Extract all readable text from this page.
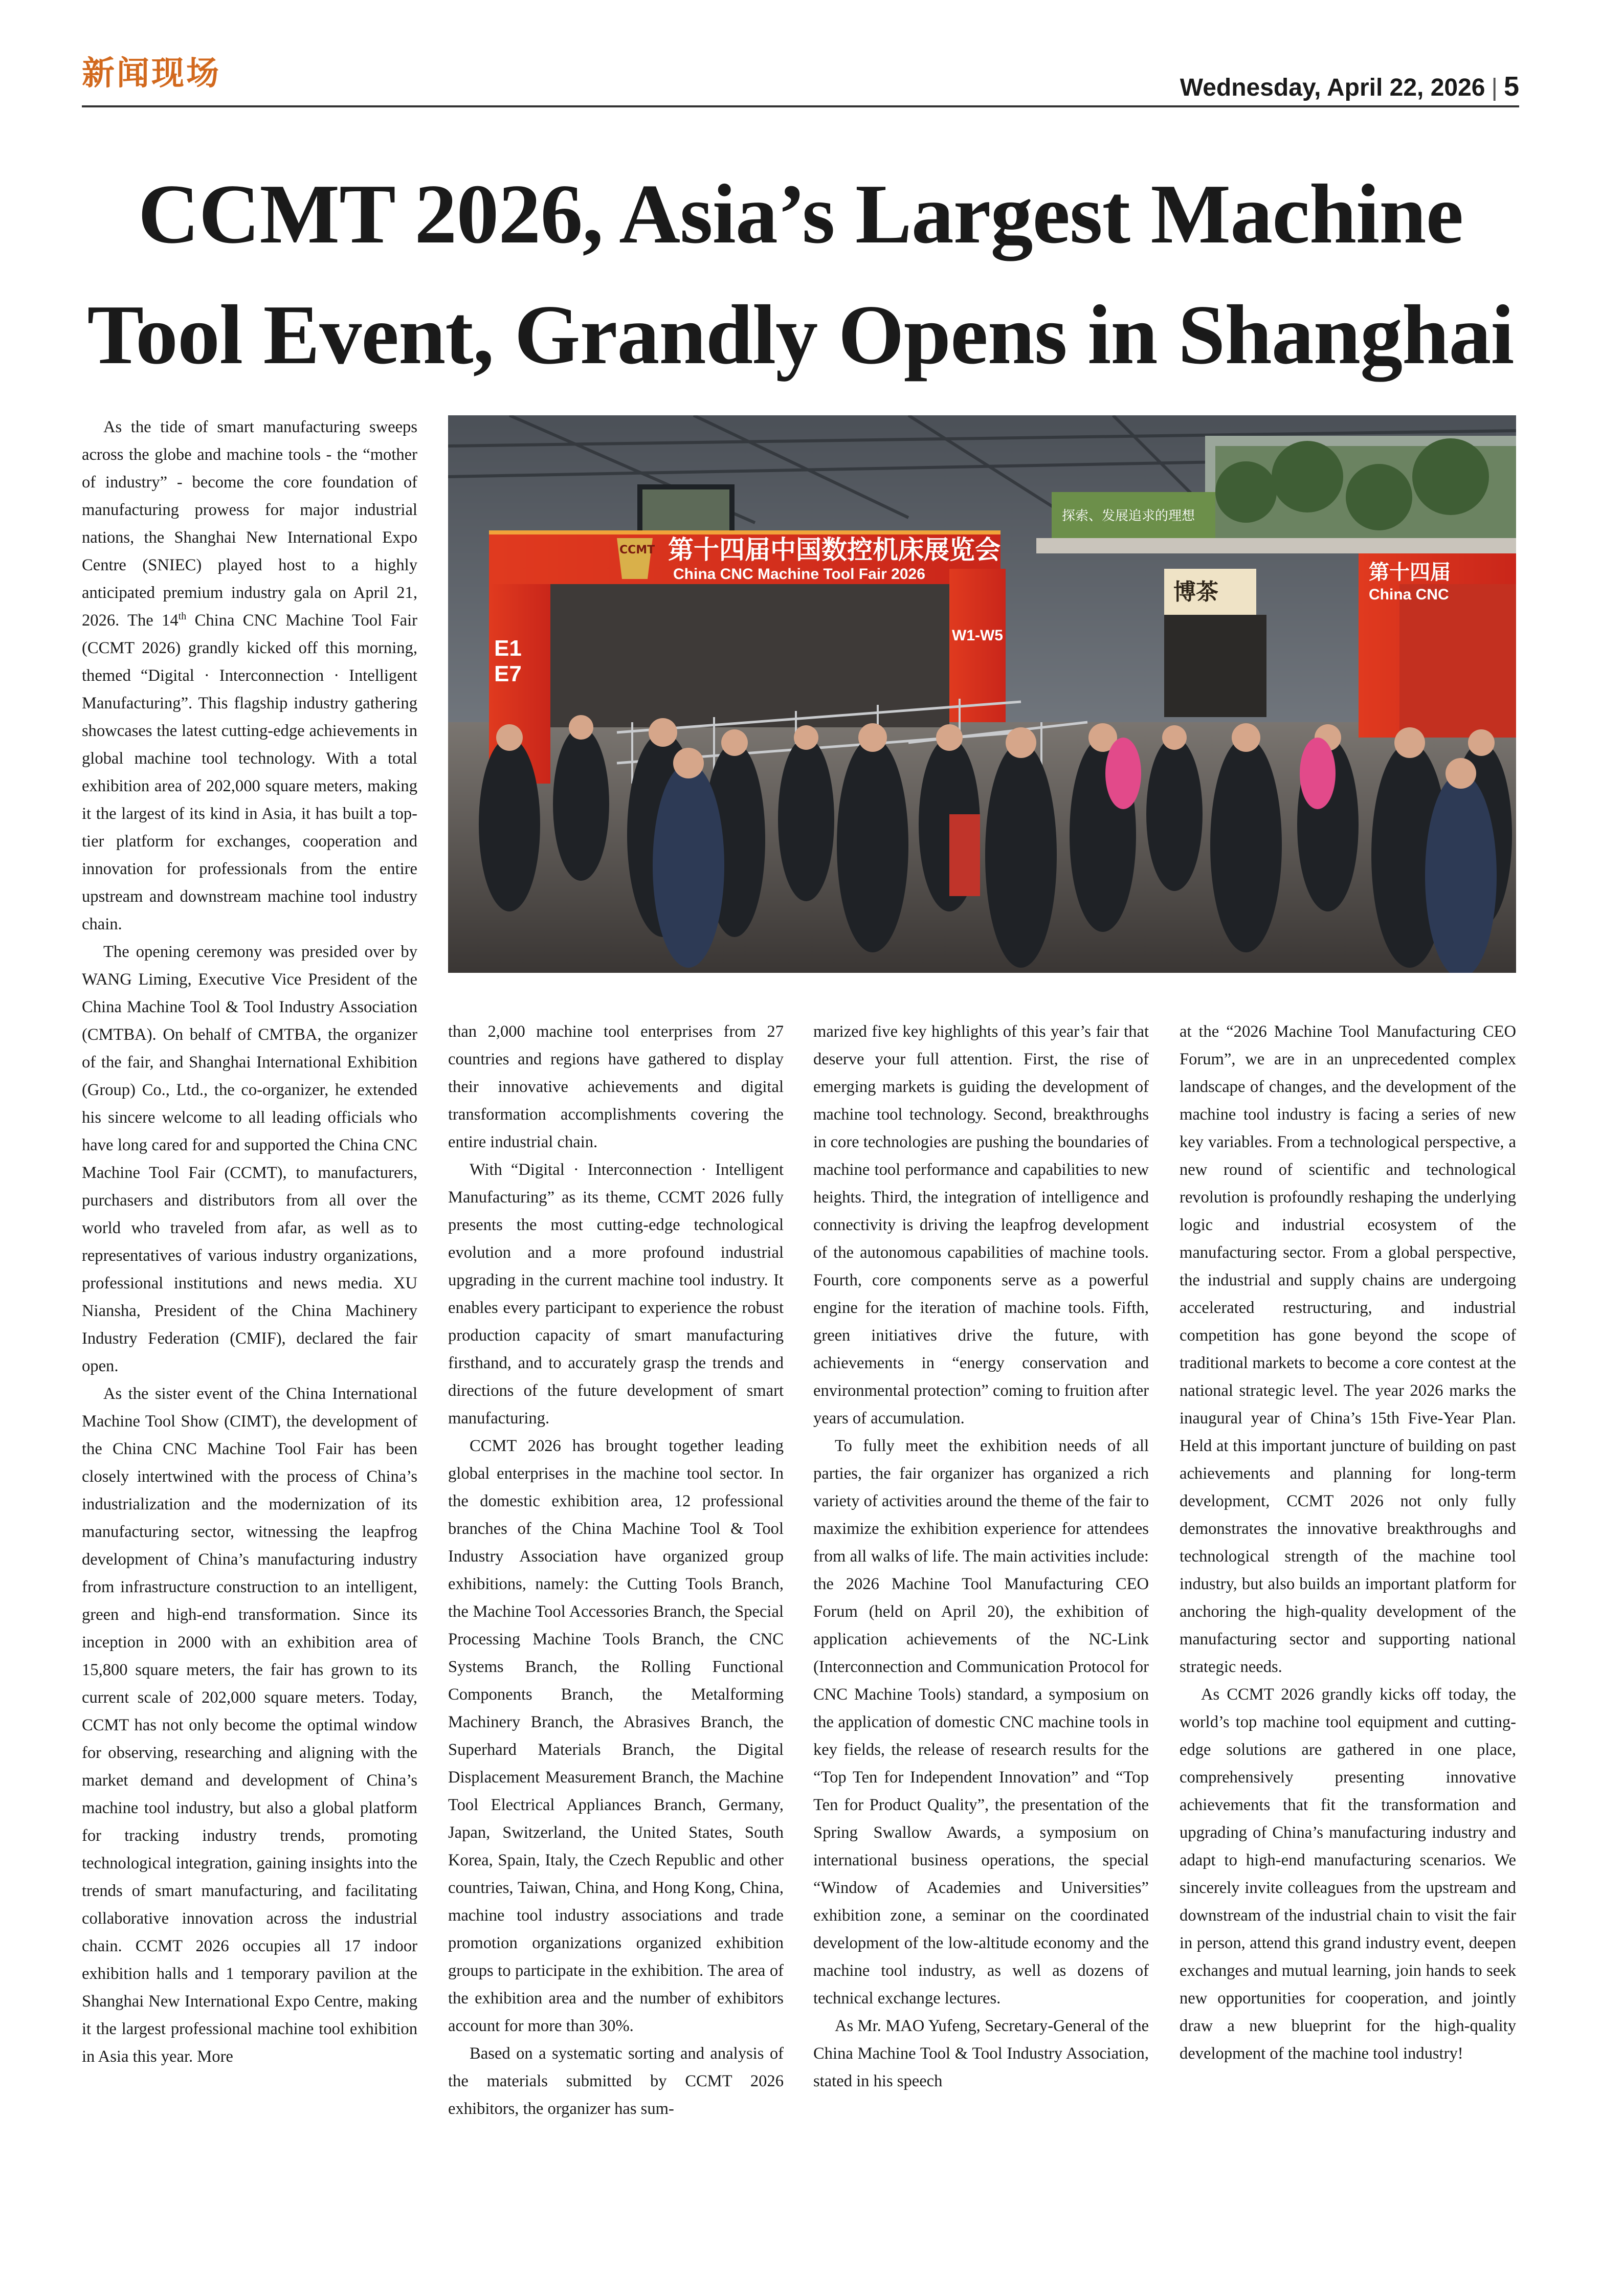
新闻现场	Wednesday, April 22, 2026 | 5
CCMT 2026, Asia’s Largest Machine Tool Event, Grandly Opens in Shanghai

As the tide of smart manufacturing sweeps across the globe and machine tools - the “mother of industry” - become the core foundation of manufacturing prowess for major industrial nations, the Shanghai New International Expo Centre (SNIEC) played host to a highly anticipated premium industry gala on April 21, 2026. The 14th China CNC Machine Tool Fair (CCMT 2026) grandly kicked off this morning, themed “Digital · Interconnection · Intelligent Manufacturing”. This flagship industry gathering showcases the latest cutting-edge achievements in global machine tool technology. With a total exhibition area of 202,000 square meters, making it the largest of its kind in Asia, it has built a top-tier platform for exchanges, cooperation and innovation for professionals from the entire upstream and downstream machine tool industry chain.

The opening ceremony was presided over by WANG Liming, Executive Vice President of the China Machine Tool & Tool Industry Association (CMTBA). On behalf of CMTBA, the organizer of the fair, and Shanghai International Exhibition (Group) Co., Ltd., the co-organizer, he extended his sincere welcome to all leading officials who have long cared for and supported the China CNC Machine Tool Fair (CCMT), to manufacturers, purchasers and distributors from all over the world who traveled from afar, as well as to representatives of various industry organizations, professional institutions and news media. XU Niansha, President of the China Machinery Industry Federation (CMIF), declared the fair open.

As the sister event of the China International Machine Tool Show (CIMT), the development of the China CNC Machine Tool Fair has been closely intertwined with the process of China’s industrialization and the modernization of its manufacturing sector, witnessing the leapfrog development of China’s manufacturing industry from infrastructure construction to an intelligent, green and high-end transformation. Since its inception in 2000 with an exhibition area of 15,800 square meters, the fair has grown to its current scale of 202,000 square meters. Today, CCMT has not only become the optimal window for observing, researching and aligning with the market demand and development of China’s machine tool industry, but also a global platform for tracking industry trends, promoting technological integration, gaining insights into the trends of smart manufacturing, and facilitating collaborative innovation across the industrial chain. CCMT 2026 occupies all 17 indoor exhibition halls and 1 temporary pavilion at the Shanghai New International Expo Centre, making it the largest professional machine tool exhibition in Asia this year. More

探索、发展追求的理想
CCMT 第十四届中国数控机床展览会
China CNC Machine Tool Fair 2026
E1
E7
W1-W5
第十四届
China CNC
博茶

than 2,000 machine tool enterprises from 27 countries and regions have gathered to display their innovative achievements and digital transformation accomplishments covering the entire industrial chain.

With “Digital · Interconnection · Intelligent Manufacturing” as its theme, CCMT 2026 fully presents the most cutting-edge technological evolution and a more profound industrial upgrading in the current machine tool industry. It enables every participant to experience the robust production capacity of smart manufacturing firsthand, and to accurately grasp the trends and directions of the future development of smart manufacturing.

CCMT 2026 has brought together leading global enterprises in the machine tool sector. In the domestic exhibition area, 12 professional branches of the China Machine Tool & Tool Industry Association have organized group exhibitions, namely: the Cutting Tools Branch, the Machine Tool Accessories Branch, the Special Processing Machine Tools Branch, the CNC Systems Branch, the Rolling Functional Components Branch, the Metalforming Machinery Branch, the Abrasives Branch, the Superhard Materials Branch, the Digital Displacement Measurement Branch, the Machine Tool Electrical Appliances Branch, Germany, Japan, Switzerland, the United States, South Korea, Spain, Italy, the Czech Republic and other countries, Taiwan, China, and Hong Kong, China, machine tool industry associations and trade promotion organizations organized exhibition groups to participate in the exhibition. The area of the exhibition area and the number of exhibitors account for more than 30%.

Based on a systematic sorting and analysis of the materials submitted by CCMT 2026 exhibitors, the organizer has sum-

marized five key highlights of this year’s fair that deserve your full attention. First, the rise of emerging markets is guiding the development of machine tool technology. Second, breakthroughs in core technologies are pushing the boundaries of machine tool performance and capabilities to new heights. Third, the integration of intelligence and connectivity is driving the leapfrog development of the autonomous capabilities of machine tools. Fourth, core components serve as a powerful engine for the iteration of machine tools. Fifth, green initiatives drive the future, with achievements in “energy conservation and environmental protection” coming to fruition after years of accumulation.

To fully meet the exhibition needs of all parties, the fair organizer has organized a rich variety of activities around the theme of the fair to maximize the exhibition experience for attendees from all walks of life. The main activities include: the 2026 Machine Tool Manufacturing CEO Forum (held on April 20), the exhibition of application achievements of the NC-Link (Interconnection and Communication Protocol for CNC Machine Tools) standard, a symposium on the application of domestic CNC machine tools in key fields, the release of research results for the “Top Ten for Independent Innovation” and “Top Ten for Product Quality”, the presentation of the Spring Swallow Awards, a symposium on international business operations, the special “Window of Academies and Universities” exhibition zone, a seminar on the coordinated development of the low-altitude economy and the machine tool industry, as well as dozens of technical exchange lectures.

As Mr. MAO Yufeng, Secretary-General of the China Machine Tool & Tool Industry Association, stated in his speech

at the “2026 Machine Tool Manufacturing CEO Forum”, we are in an unprecedented complex landscape of changes, and the development of the machine tool industry is facing a series of new key variables. From a technological perspective, a new round of scientific and technological revolution is profoundly reshaping the underlying logic and industrial ecosystem of the manufacturing sector. From a global perspective, the industrial and supply chains are undergoing accelerated restructuring, and industrial competition has gone beyond the scope of traditional markets to become a core contest at the national strategic level. The year 2026 marks the inaugural year of China’s 15th Five-Year Plan. Held at this important juncture of building on past achievements and planning for long-term development, CCMT 2026 not only fully demonstrates the innovative breakthroughs and technological strength of the machine tool industry, but also builds an important platform for anchoring the high-quality development of the manufacturing sector and supporting national strategic needs.

As CCMT 2026 grandly kicks off today, the world’s top machine tool equipment and cutting-edge solutions are gathered in one place, comprehensively presenting innovative achievements that fit the transformation and upgrading of China’s manufacturing industry and adapt to high-end manufacturing scenarios. We sincerely invite colleagues from the upstream and downstream of the industrial chain to visit the fair in person, attend this grand industry event, deepen exchanges and mutual learning, join hands to seek new opportunities for cooperation, and jointly draw a new blueprint for the high-quality development of the machine tool industry!
